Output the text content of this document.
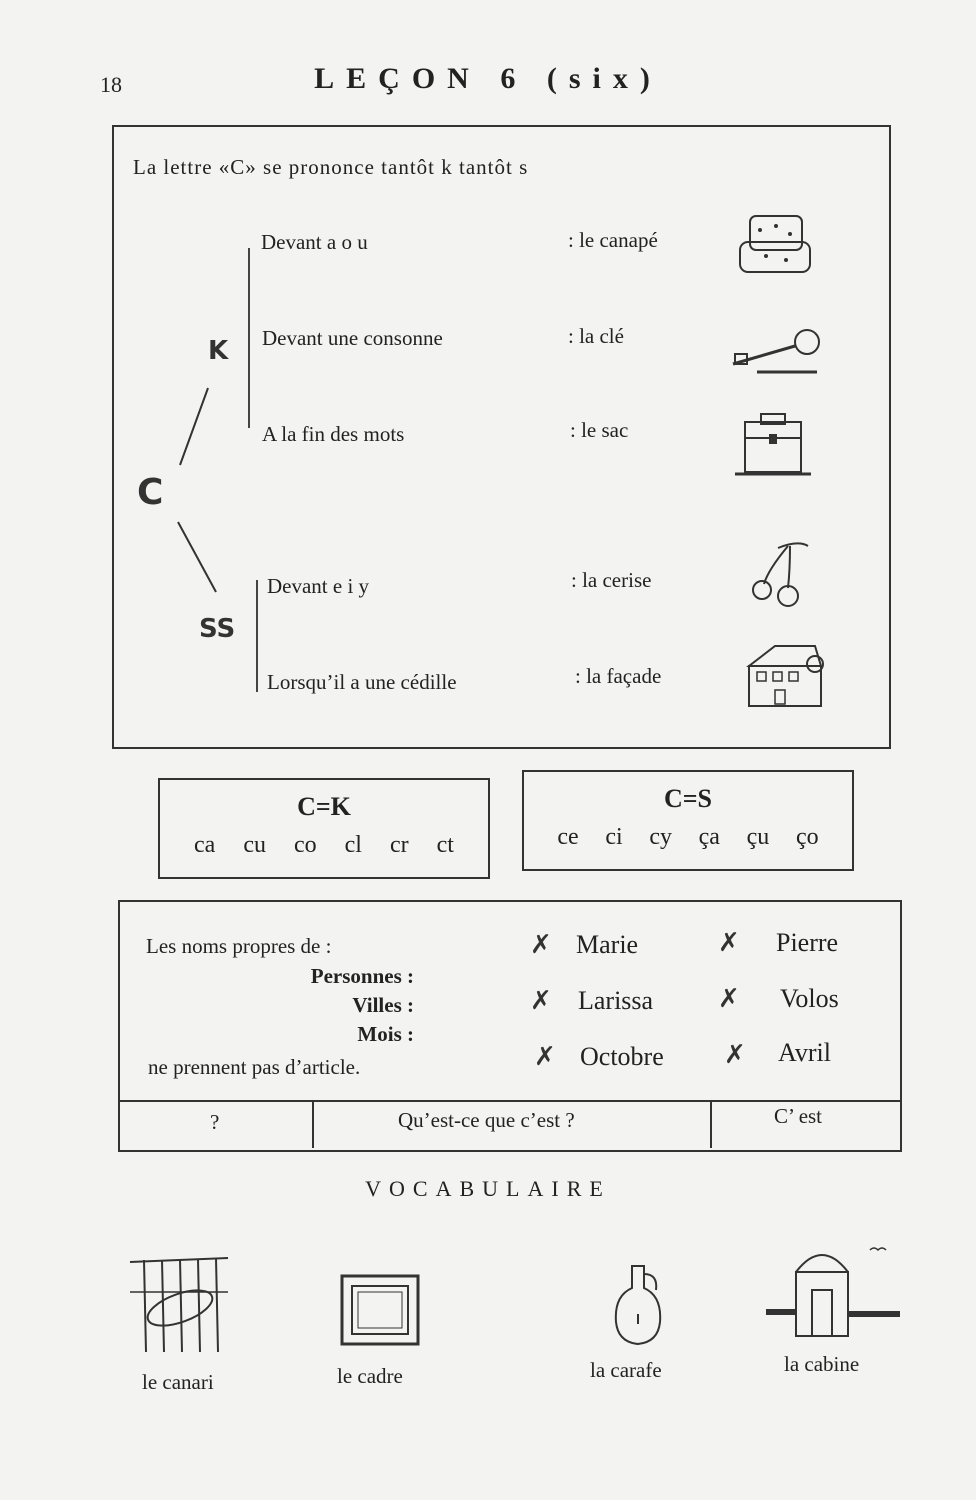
18	LEÇON 6 (six)
La lettre «C» se prononce tantôt k tantôt s
C
K
SS
Devant a o u	: le canapé
Devant une consonne	: la clé
A la fin des mots	: le sac
Devant e i y	: la cerise
Lorsqu’il a une cédille	: la façade
C=K
ca cu co cl cr ct
C=S
ce ci cy ça çu ço
Les noms propres de :
Personnes :
Villes :
Mois :
ne prennent pas d’article.
✗ Marie	✗ Pierre
✗ Larissa ✗ Volos
✗ Octobre ✗ Avril
?	Qu’est-ce que c’est ?	C’ est
VOCABULAIRE
le canari	le cadre	la carafe	la cabine
